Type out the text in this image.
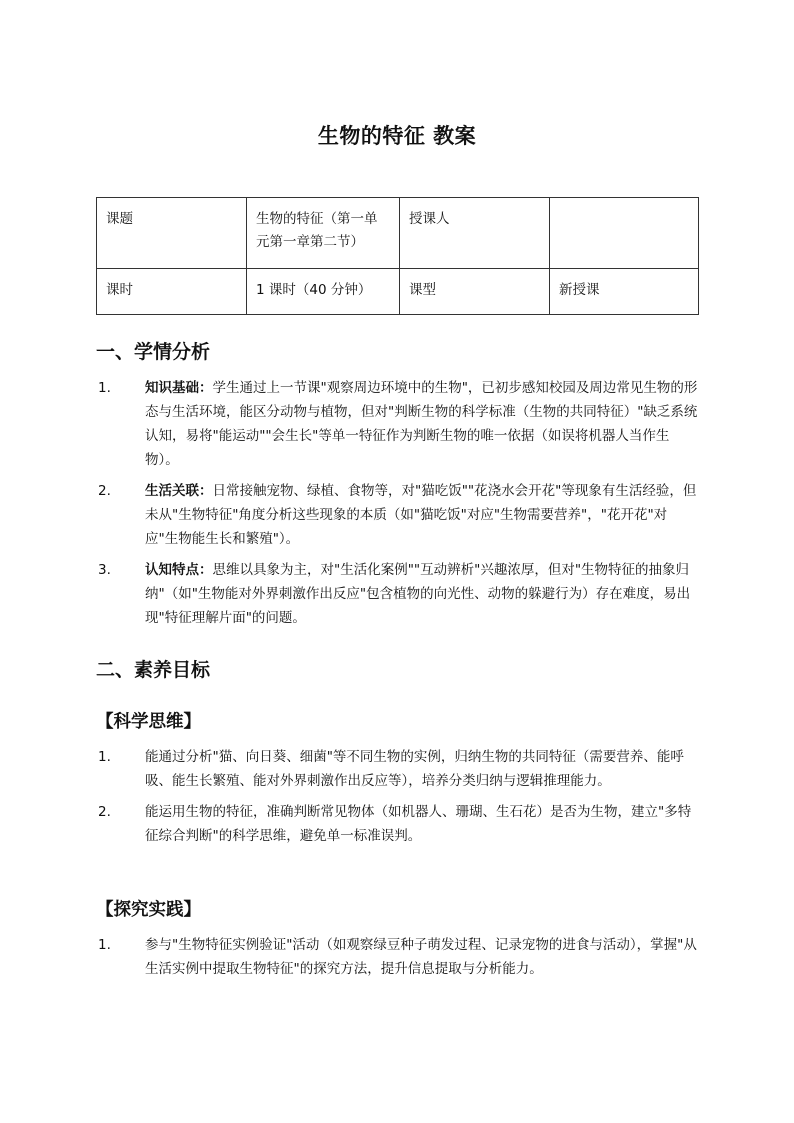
生物的特征 教案
课题	生物的特征（第一单元第一章第二节）	授课人	
课时	1 课时（40 分钟）	课型	新授课
一、学情分析
1.	知识基础：学生通过上一节课"观察周边环境中的生物"，已初步感知校园及周边常见生物的形态与生活环境，能区分动物与植物，但对"判断生物的科学标准（生物的共同特征）"缺乏系统认知，易将"能运动""会生长"等单一特征作为判断生物的唯一依据（如误将机器人当作生物）。
2.	生活关联：日常接触宠物、绿植、食物等，对"猫吃饭""花浇水会开花"等现象有生活经验，但未从"生物特征"角度分析这些现象的本质（如"猫吃饭"对应"生物需要营养"，"花开花"对应"生物能生长和繁殖"）。
3.	认知特点：思维以具象为主，对"生活化案例""互动辨析"兴趣浓厚，但对"生物特征的抽象归纳"（如"生物能对外界刺激作出反应"包含植物的向光性、动物的躲避行为）存在难度，易出现"特征理解片面"的问题。
二、素养目标
【科学思维】
1.	能通过分析"猫、向日葵、细菌"等不同生物的实例，归纳生物的共同特征（需要营养、能呼吸、能生长繁殖、能对外界刺激作出反应等），培养分类归纳与逻辑推理能力。
2.	能运用生物的特征，准确判断常见物体（如机器人、珊瑚、生石花）是否为生物，建立"多特征综合判断"的科学思维，避免单一标准误判。
【探究实践】
1.	参与"生物特征实例验证"活动（如观察绿豆种子萌发过程、记录宠物的进食与活动），掌握"从生活实例中提取生物特征"的探究方法，提升信息提取与分析能力。
